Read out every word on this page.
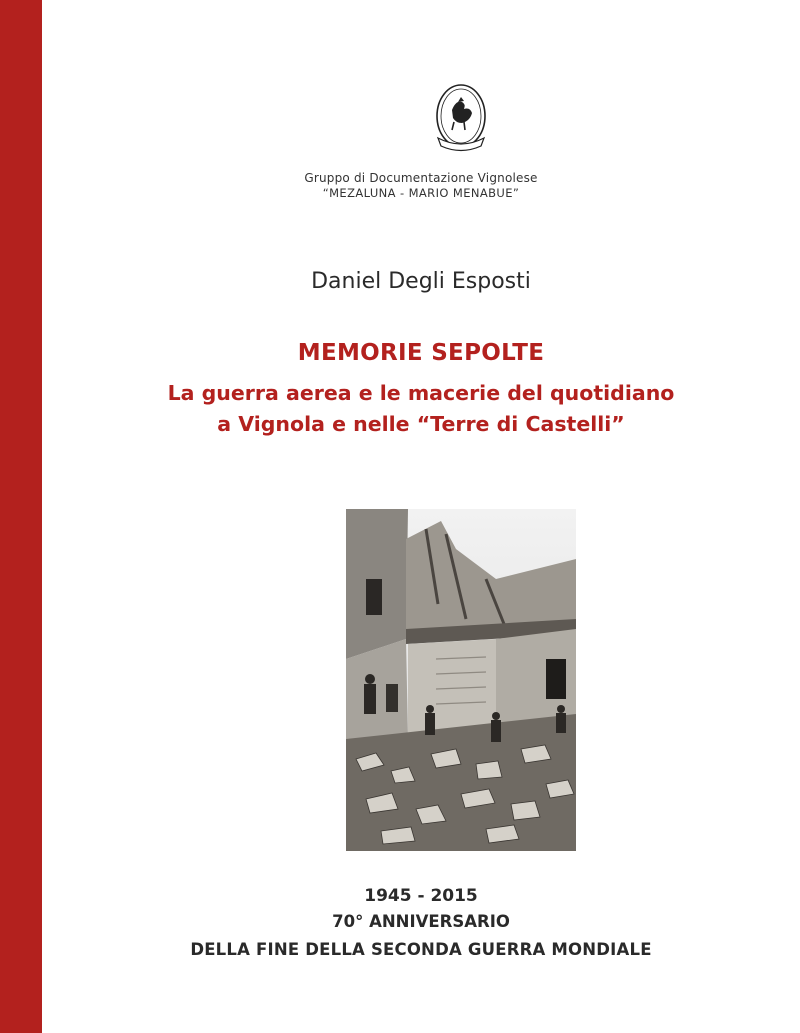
Gruppo di Documentazione Vignolese
“MEZALUNA - MARIO MENABUE”
Daniel Degli Esposti
MEMORIE SEPOLTE
La guerra aerea e le macerie del quotidiano
a Vignola e nelle “Terre di Castelli”
1945 - 2015
70° ANNIVERSARIO
DELLA FINE DELLA SECONDA GUERRA MONDIALE
